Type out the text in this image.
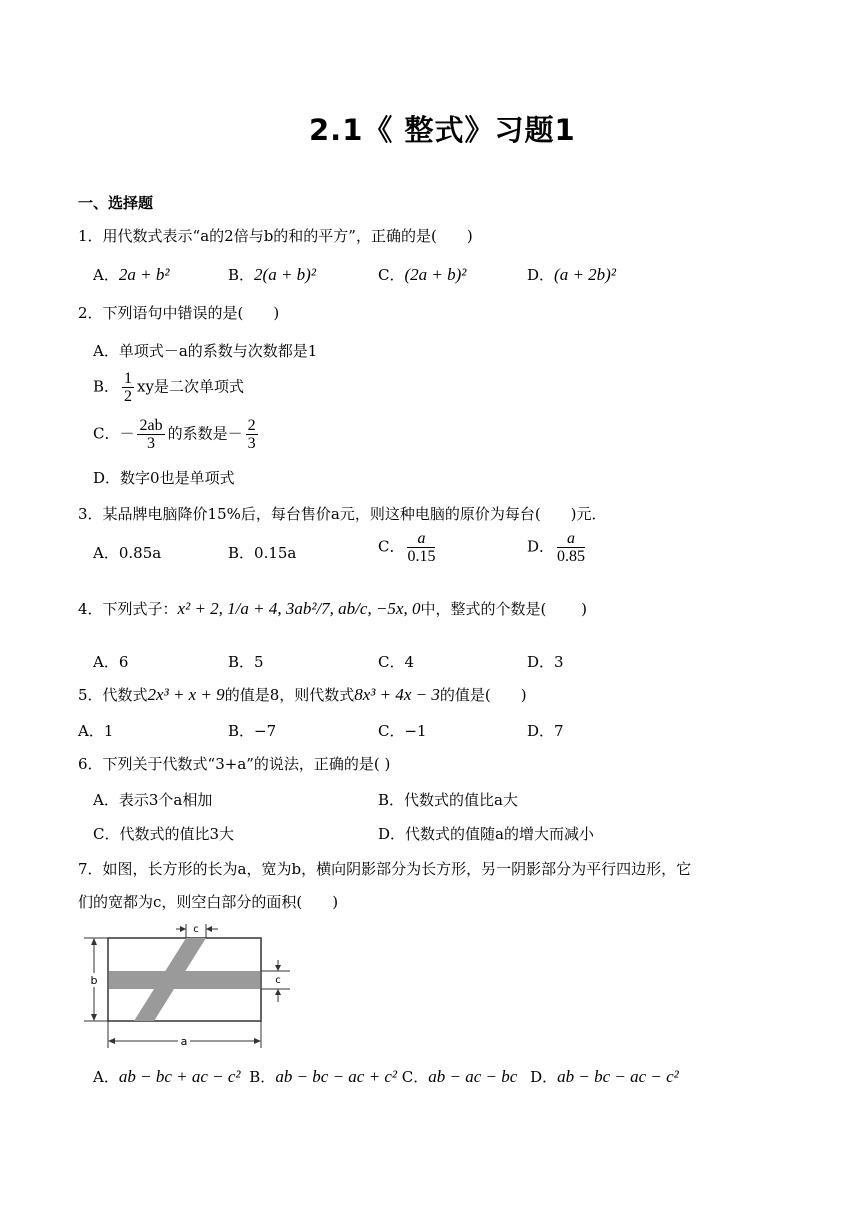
2.1《 整式》习题1
一、选择题
1．用代数式表示“a的2倍与b的和的平方”，正确的是(　　)
A．2a + b²	B．2(a + b)²	C．(2a + b)²	D．(a + 2b)²
2．下列语句中错误的是(　　)
A．单项式－a的系数与次数都是1
B． $\frac{1}{2}$ xy是二次单项式
C．－ $\frac{2ab}{3}$ 的系数是－ $\frac{2}{3}$
D．数字0也是单项式
3．某品牌电脑降价15%后，每台售价a元，则这种电脑的原价为每台(　　)元．
A．0.85a	B．0.15a	C． $\frac{a}{0.15}$	D． $\frac{a}{0.85}$
4．下列式子：x² + 2, 1/a + 4, 3ab²/7, ab/c, −5x, 0中，整式的个数是(　　 )
A．6	B．5	C．4	D．3
5．代数式2x³ + x + 9的值是8，则代数式8x³ + 4x − 3的值是(　　)
A．1	B．−7	C．−1	D．7
6．下列关于代数式“3+a”的说法，正确的是( )
A．表示3个a相加	B．代数式的值比a大
C．代数式的值比3大	D．代数式的值随a的增大而减小
7．如图，长方形的长为a，宽为b，横向阴影部分为长方形，另一阴影部分为平行四边形，它
们的宽都为c，则空白部分的面积(　　)
b
a
c
c
A．ab − bc + ac − c² B．ab − bc − ac + c² C．ab − ac − bc D．ab − bc − ac − c²
